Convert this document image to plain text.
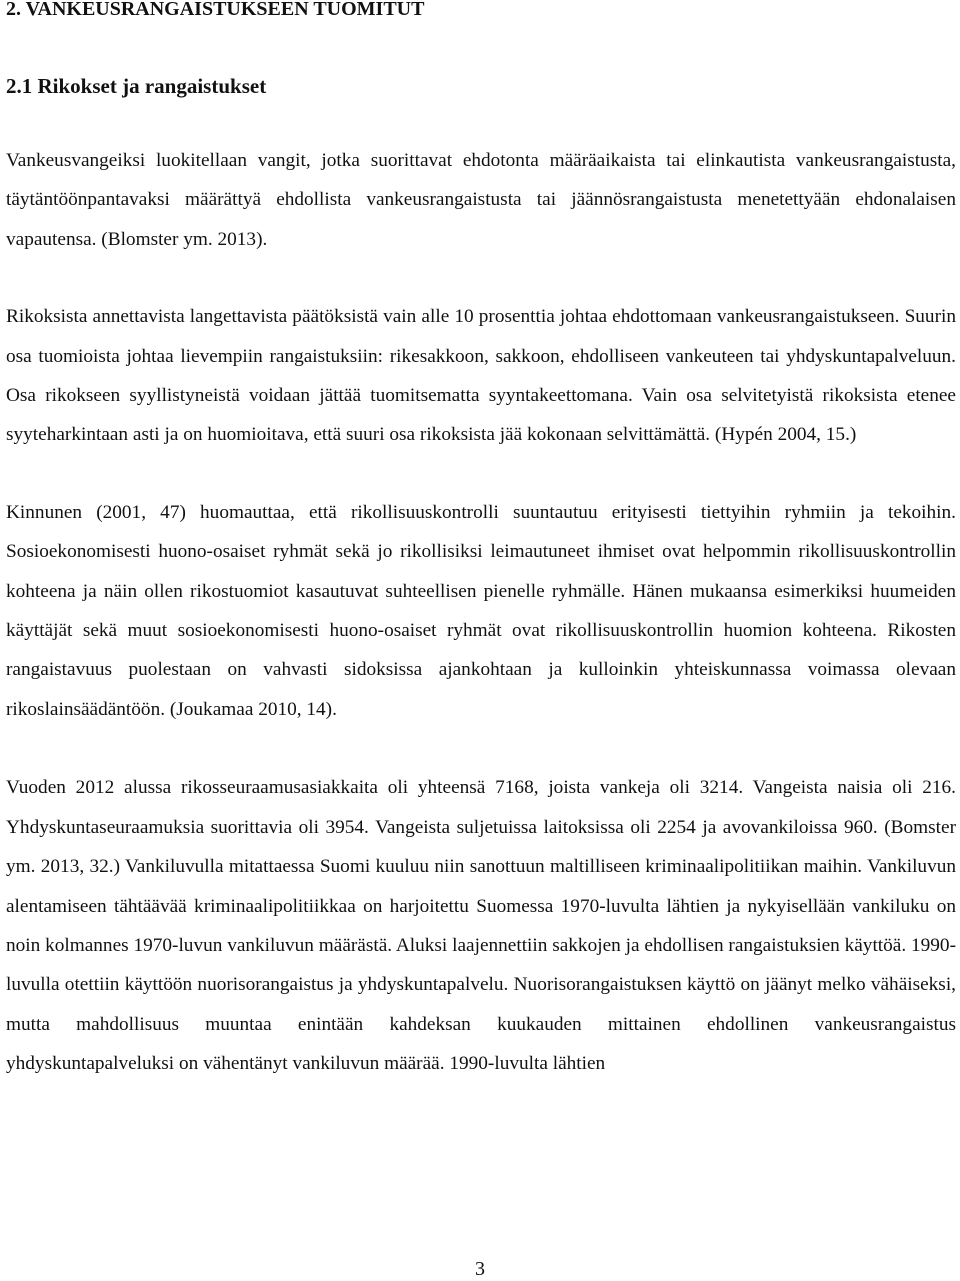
2. VANKEUSRANGAISTUKSEEN TUOMITUT
2.1 Rikokset ja rangaistukset

Vankeusvangeiksi luokitellaan vangit, jotka suorittavat ehdotonta määräaikaista tai elinkautista vankeusrangaistusta, täytäntöönpantavaksi määrättyä ehdollista vankeusrangaistusta tai jäännösrangaistusta menetettyään ehdonalaisen vapautensa. (Blomster ym. 2013).

Rikoksista annettavista langettavista päätöksistä vain alle 10 prosenttia johtaa ehdottomaan vankeusrangaistukseen. Suurin osa tuomioista johtaa lievempiin rangaistuksiin: rikesakkoon, sakkoon, ehdolliseen vankeuteen tai yhdyskuntapalveluun. Osa rikokseen syyllistyneistä voidaan jättää tuomitsematta syyntakeettomana. Vain osa selvitetyistä rikoksista etenee syyteharkintaan asti ja on huomioitava, että suuri osa rikoksista jää kokonaan selvittämättä. (Hypén 2004, 15.)

Kinnunen (2001, 47) huomauttaa, että rikollisuuskontrolli suuntautuu erityisesti tiettyihin ryhmiin ja tekoihin. Sosioekonomisesti huono-osaiset ryhmät sekä jo rikollisiksi leimautuneet ihmiset ovat helpommin rikollisuuskontrollin kohteena ja näin ollen rikostuomiot kasautuvat suhteellisen pienelle ryhmälle. Hänen mukaansa esimerkiksi huumeiden käyttäjät sekä muut sosioekonomisesti huono-osaiset ryhmät ovat rikollisuuskontrollin huomion kohteena. Rikosten rangaistavuus puolestaan on vahvasti sidoksissa ajankohtaan ja kulloinkin yhteiskunnassa voimassa olevaan rikoslainsäädäntöön. (Joukamaa 2010, 14).

Vuoden 2012 alussa rikosseuraamusasiakkaita oli yhteensä 7168, joista vankeja oli 3214. Vangeista naisia oli 216. Yhdyskuntaseuraamuksia suorittavia oli 3954. Vangeista suljetuissa laitoksissa oli 2254 ja avovankiloissa 960. (Bomster ym. 2013, 32.) Vankiluvulla mitattaessa Suomi kuuluu niin sanottuun maltilliseen kriminaalipolitiikan maihin. Vankiluvun alentamiseen tähtäävää kriminaalipolitiikkaa on harjoitettu Suomessa 1970-luvulta lähtien ja nykyisellään vankiluku on noin kolmannes 1970-luvun vankiluvun määrästä. Aluksi laajennettiin sakkojen ja ehdollisen rangaistuksien käyttöä. 1990-luvulla otettiin käyttöön nuorisorangaistus ja yhdyskuntapalvelu. Nuorisorangaistuksen käyttö on jäänyt melko vähäiseksi, mutta mahdollisuus muuntaa enintään kahdeksan kuukauden mittainen ehdollinen vankeusrangaistus yhdyskuntapalveluksi on vähentänyt vankiluvun määrää. 1990-luvulta lähtien

3
